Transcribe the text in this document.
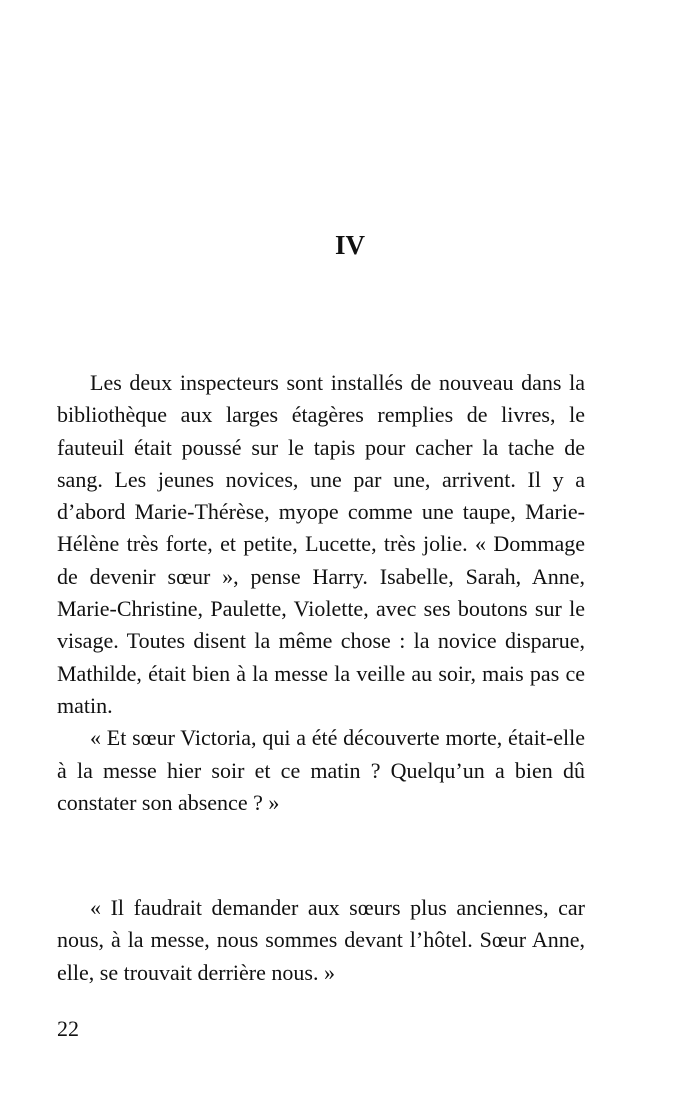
IV

Les deux inspecteurs sont installés de nouveau dans la bibliothèque aux larges étagères remplies de livres, le fauteuil était poussé sur le tapis pour cacher la tache de sang. Les jeunes novices, une par une, arrivent. Il y a d’abord Marie-Thérèse, myope comme une taupe, Marie-Hélène très forte, et petite, Lucette, très jolie. « Dommage de devenir sœur », pense Harry. Isabelle, Sarah, Anne, Marie-Christine, Paulette, Violette, avec ses boutons sur le visage. Toutes disent la même chose : la novice disparue, Mathilde, était bien à la messe la veille au soir, mais pas ce matin.

« Et sœur Victoria, qui a été découverte morte, était-elle à la messe hier soir et ce matin ? Quelqu’un a bien dû constater son absence ? »

« Il faudrait demander aux sœurs plus anciennes, car nous, à la messe, nous sommes devant l’hôtel. Sœur Anne, elle, se trouvait derrière nous. »

22
